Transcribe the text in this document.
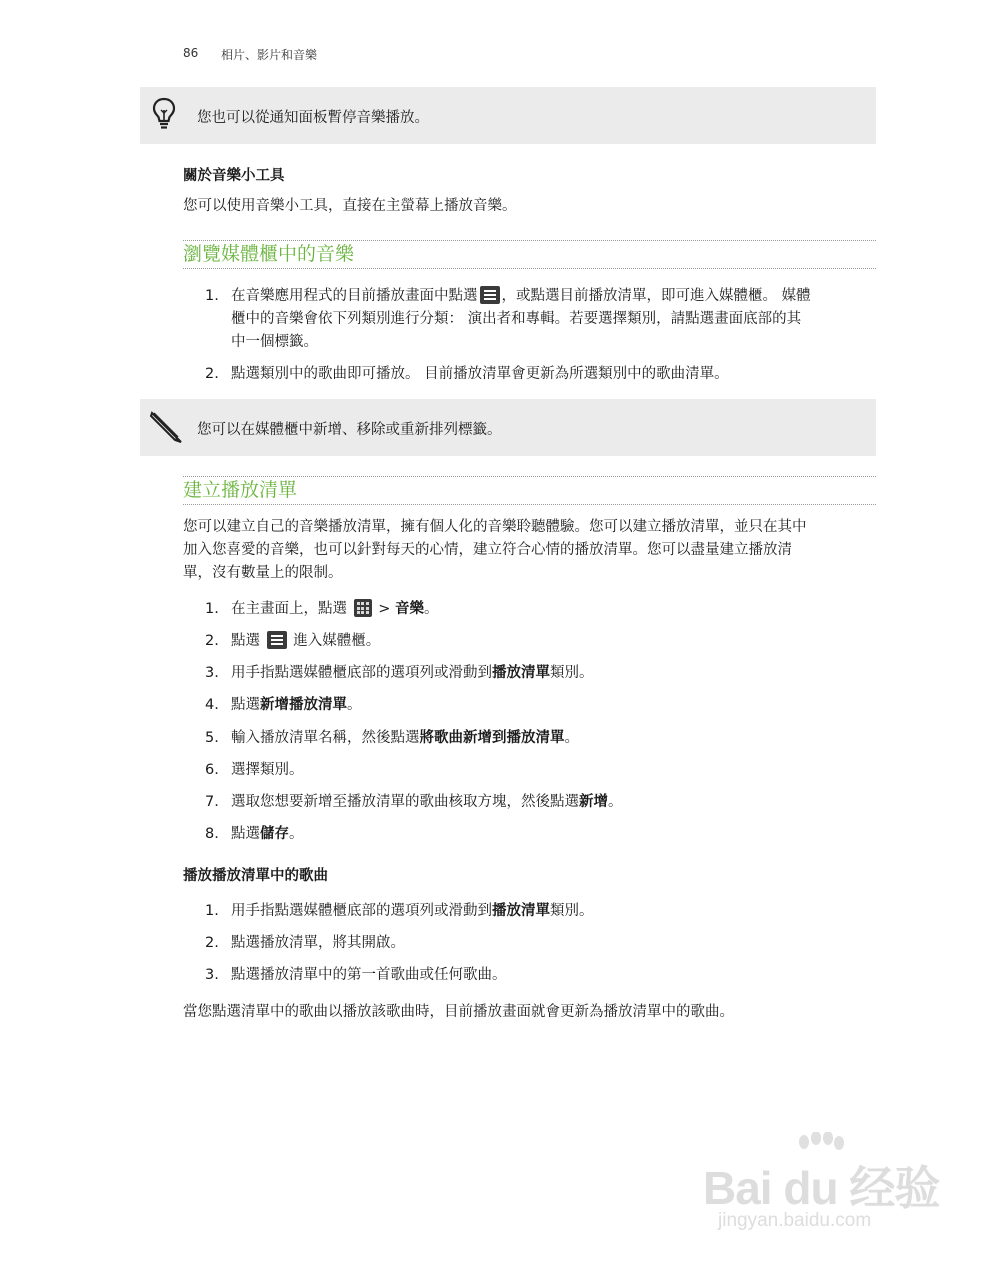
86 相片、影片和音樂
您也可以從通知面板暫停音樂播放。
關於音樂小工具
您可以使用音樂小工具，直接在主螢幕上播放音樂。
瀏覽媒體櫃中的音樂
1. 在音樂應用程式的目前播放畫面中點選 ，或點選目前播放清單，即可進入媒體櫃。 媒體
櫃中的音樂會依下列類別進行分類： 演出者和專輯。若要選擇類別，請點選畫面底部的其
中一個標籤。
2. 點選類別中的歌曲即可播放。 目前播放清單會更新為所選類別中的歌曲清單。
您可以在媒體櫃中新增、移除或重新排列標籤。
建立播放清單
您可以建立自己的音樂播放清單，擁有個人化的音樂聆聽體驗。您可以建立播放清單，並只在其中
加入您喜愛的音樂，也可以針對每天的心情，建立符合心情的播放清單。您可以盡量建立播放清
單，沒有數量上的限制。
1. 在主畫面上，點選
> 音樂。
2. 點選
進入媒體櫃。
3. 用手指點選媒體櫃底部的選項列或滑動到播放清單類別。
4. 點選新增播放清單。
5. 輸入播放清單名稱，然後點選將歌曲新增到播放清單。
6. 選擇類別。
7. 選取您想要新增至播放清單的歌曲核取方塊，然後點選新增。
8. 點選儲存。
播放播放清單中的歌曲
1. 用手指點選媒體櫃底部的選項列或滑動到播放清單類別。
2. 點選播放清單，將其開啟。
3. 點選播放清單中的第一首歌曲或任何歌曲。
當您點選清單中的歌曲以播放該歌曲時，目前播放畫面就會更新為播放清單中的歌曲。
Bai du 经验
jingyan.baidu.com
